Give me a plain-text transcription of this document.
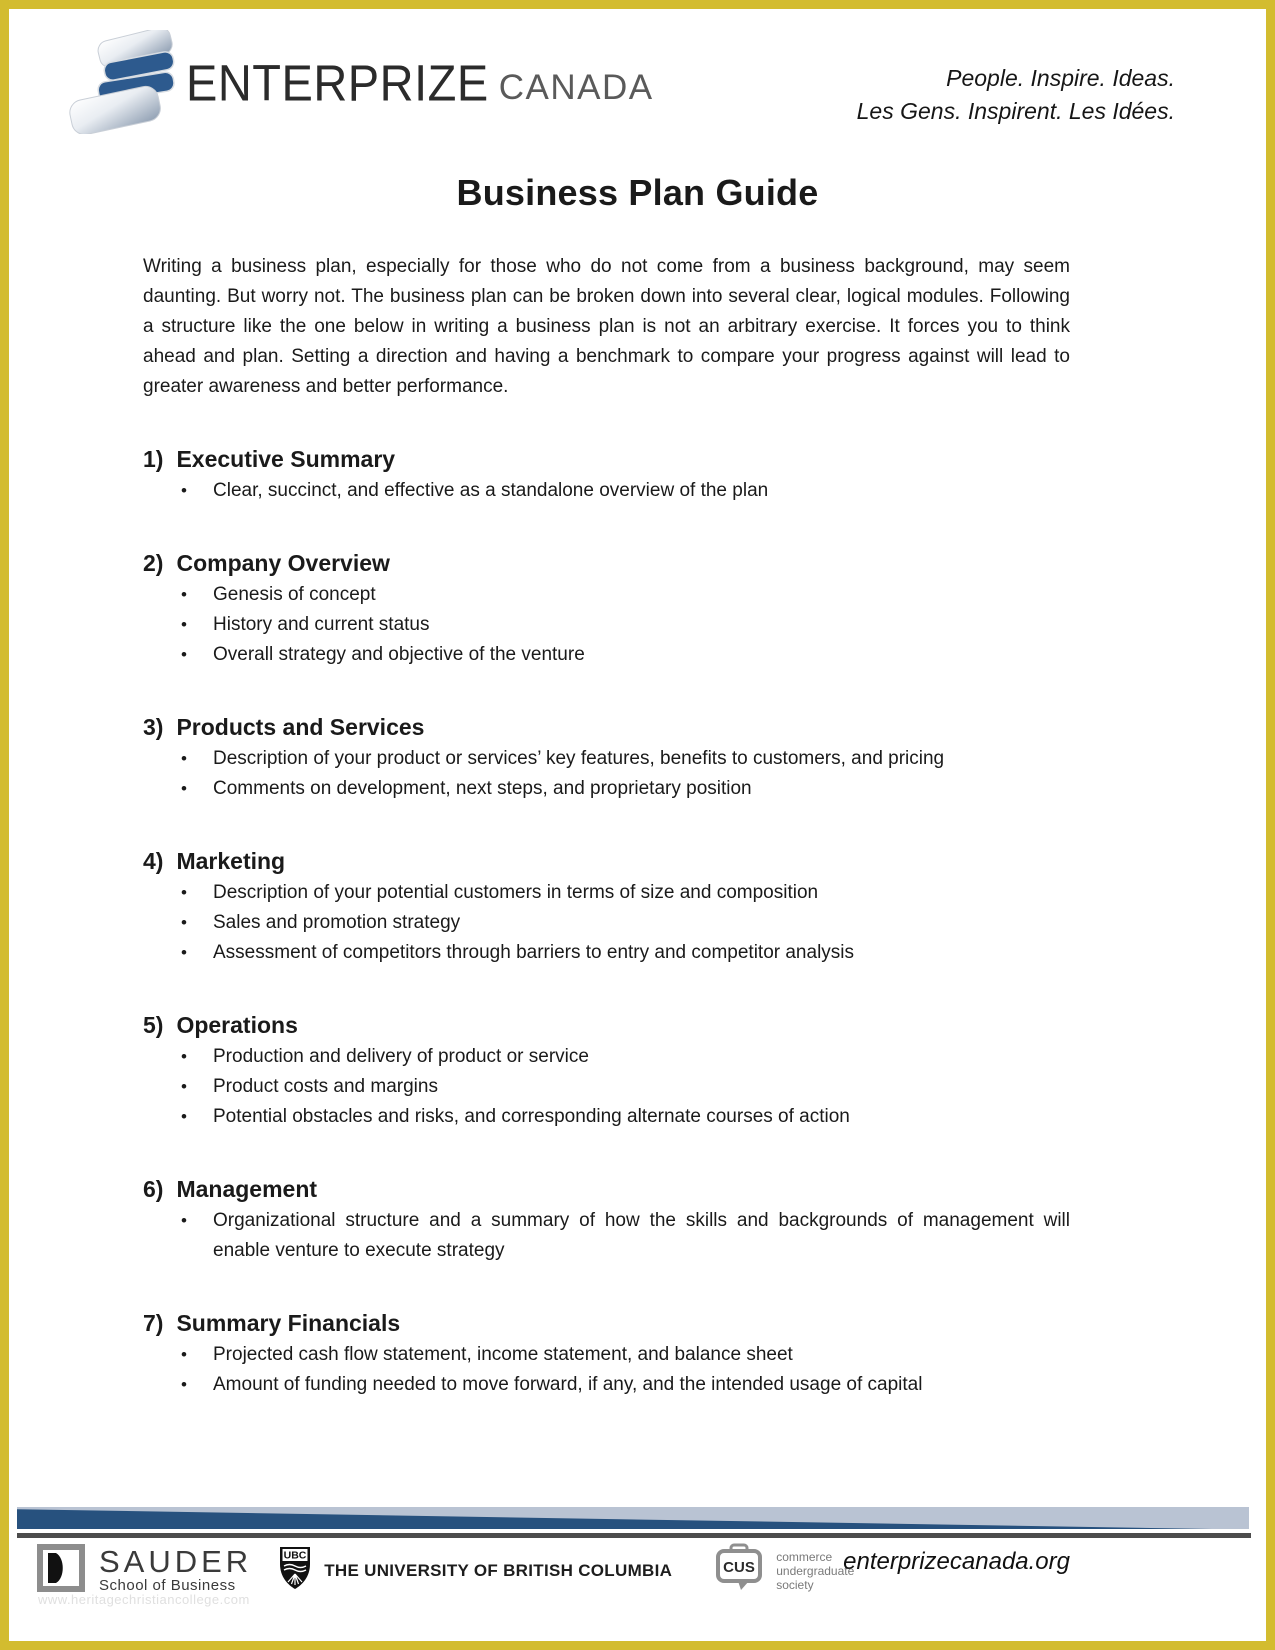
ENTERPRIZE CANADA	People. Inspire. Ideas.
Les Gens. Inspirent. Les Idées.
Business Plan Guide

Writing a business plan, especially for those who do not come from a business background, may seem daunting. But worry not. The business plan can be broken down into several clear, logical modules. Following a structure like the one below in writing a business plan is not an arbitrary exercise. It forces you to think ahead and plan. Setting a direction and having a benchmark to compare your progress against will lead to greater awareness and better performance.

1) Executive Summary
•	Clear, succinct, and effective as a standalone overview of the plan
2) Company Overview
•	Genesis of concept
•	History and current status
•	Overall strategy and objective of the venture
3) Products and Services
•	Description of your product or services’ key features, benefits to customers, and pricing
•	Comments on development, next steps, and proprietary position
4) Marketing
•	Description of your potential customers in terms of size and composition
•	Sales and promotion strategy
•	Assessment of competitors through barriers to entry and competitor analysis
5) Operations
•	Production and delivery of product or service
•	Product costs and margins
•	Potential obstacles and risks, and corresponding alternate courses of action
6) Management
•	Organizational structure and a summary of how the skills and backgrounds of management will enable venture to execute strategy
7) Summary Financials
•	Projected cash flow statement, income statement, and balance sheet
•	Amount of funding needed to move forward, if any, and the intended usage of capital
SAUDER
School of Business
UBC
THE UNIVERSITY OF BRITISH COLUMBIA	CUS
commerce
undergraduate
society
enterprizecanada.org
www.heritagechristiancollege.com
